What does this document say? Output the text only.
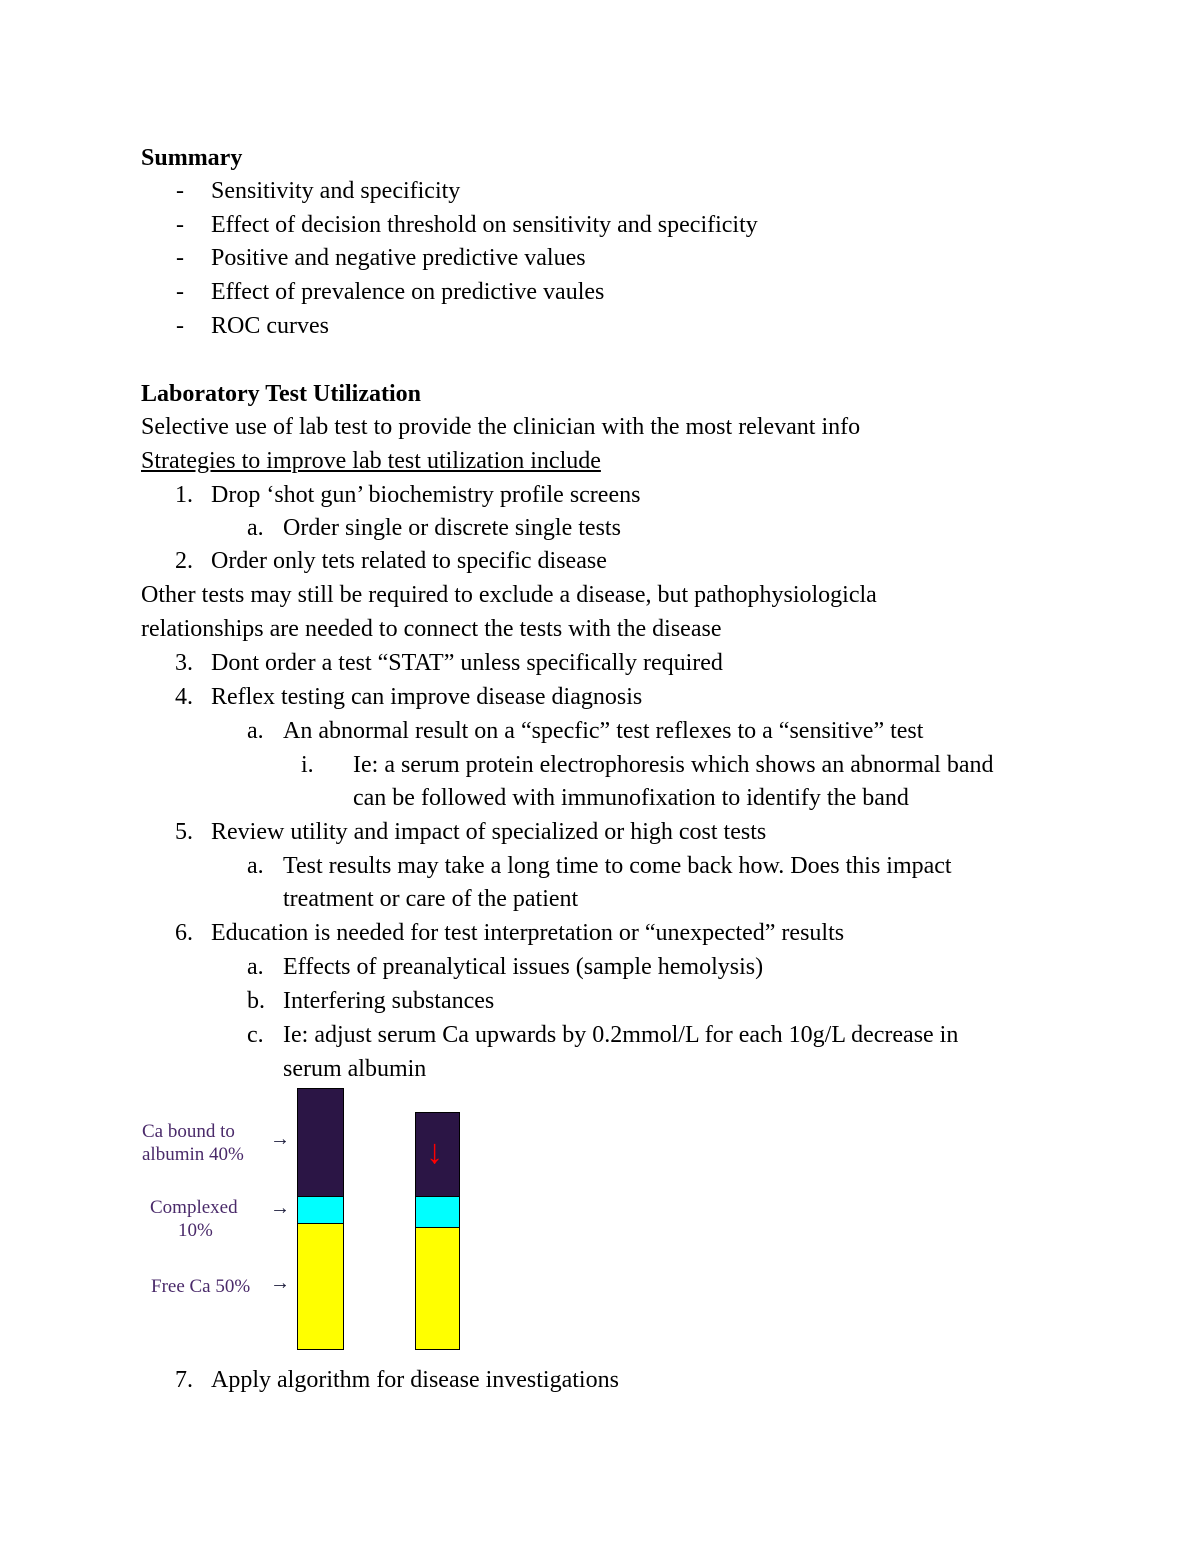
Summary
- Sensitivity and specificity
- Effect of decision threshold on sensitivity and specificity
- Positive and negative predictive values
- Effect of prevalence on predictive vaules
- ROC curves
Laboratory Test Utilization
Selective use of lab test to provide the clinician with the most relevant info
Strategies to improve lab test utilization include
1. Drop ‘shot gun’ biochemistry profile screens
a. Order single or discrete single tests
2. Order only tets related to specific disease
Other tests may still be required to exclude a disease, but pathophysiologicla
relationships are needed to connect the tests with the disease
3. Dont order a test “STAT” unless specifically required
4. Reflex testing can improve disease diagnosis
a. An abnormal result on a “specfic” test reflexes to a “sensitive” test
i. Ie: a serum protein electrophoresis which shows an abnormal band
can be followed with immunofixation to identify the band
5. Review utility and impact of specialized or high cost tests
a. Test results may take a long time to come back how. Does this impact
treatment or care of the patient
6. Education is needed for test interpretation or “unexpected” results
a. Effects of preanalytical issues (sample hemolysis)
b. Interfering substances
c. Ie: adjust serum Ca upwards by 0.2mmol/L for each 10g/L decrease in
serum albumin
Ca bound to
albumin 40%
→
Complexed
10%
→
Free Ca 50% →
↓
7. Apply algorithm for disease investigations
